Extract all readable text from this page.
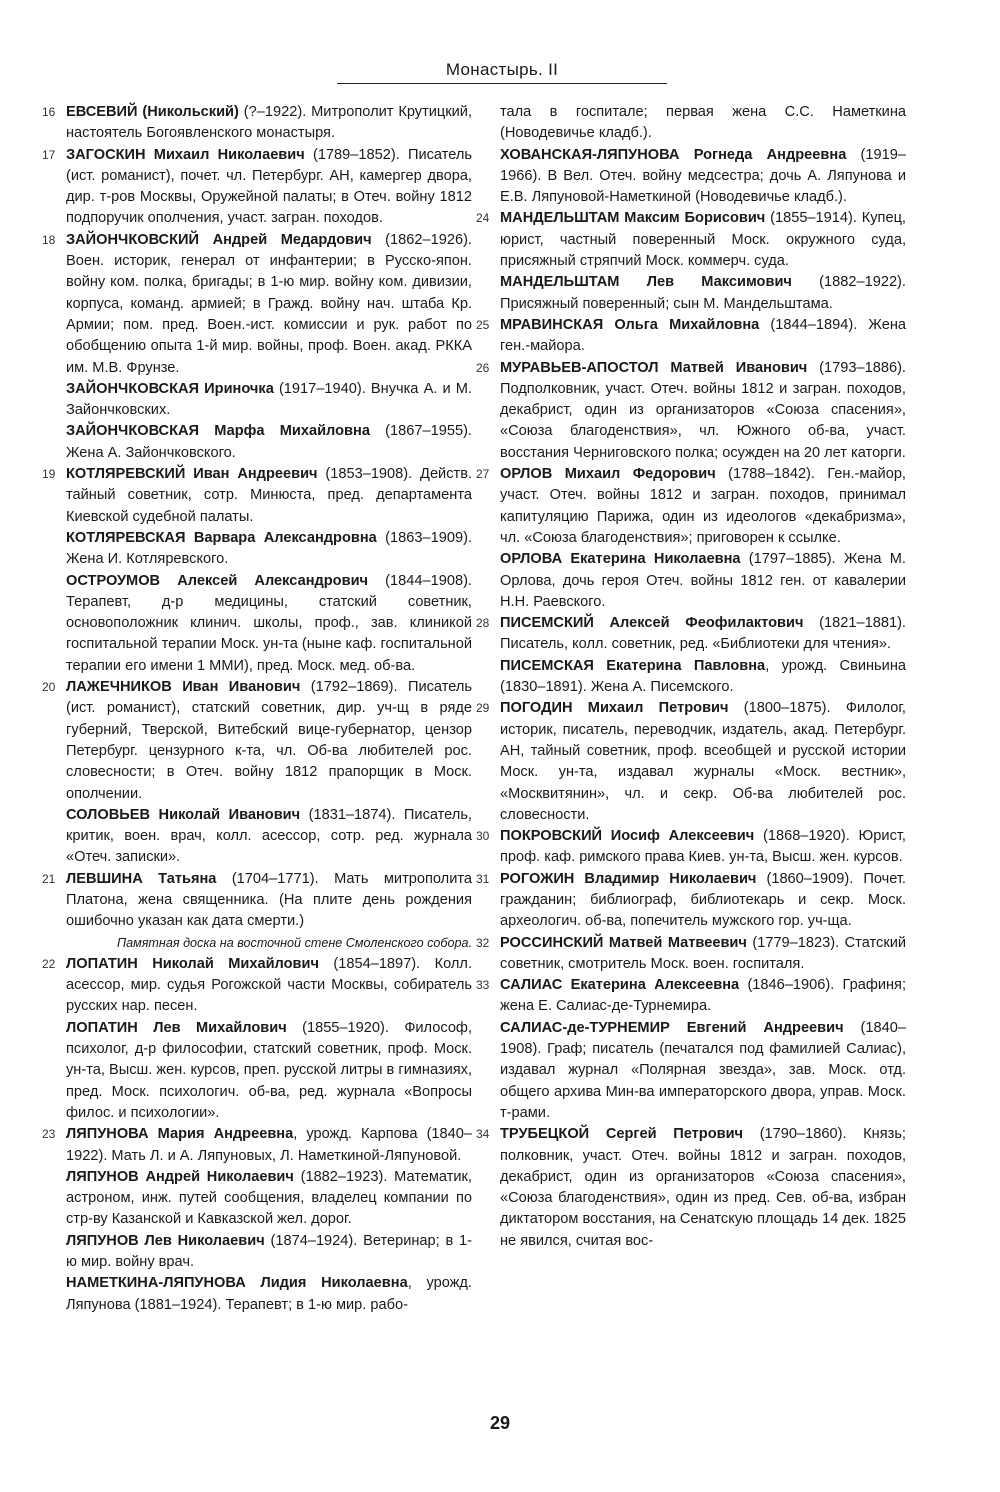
Монастырь. II
16 ЕВСЕВИЙ (Никольский) (?–1922). Митрополит Крутицкий, настоятель Богоявленского монастыря.
17 ЗАГОСКИН Михаил Николаевич (1789–1852). Писатель (ист. романист), почет. чл. Петербург. АН, камергер двора, дир. т-ров Москвы, Оружейной палаты; в Отеч. войну 1812 подпоручик ополчения, участ. загран. походов.
18 ЗАЙОНЧКОВСКИЙ Андрей Медардович (1862–1926). Воен. историк, генерал от инфантерии; в Русско-япон. войну ком. полка, бригады; в 1-ю мир. войну ком. дивизии, корпуса, команд. армией; в Гражд. войну нач. штаба Кр. Армии; пом. пред. Воен.-ист. комиссии и рук. работ по обобщению опыта 1-й мир. войны, проф. Воен. акад. РККА им. М.В. Фрунзе.
ЗАЙОНЧКОВСКАЯ Ириночка (1917–1940). Внучка А. и М. Зайончковских.
ЗАЙОНЧКОВСКАЯ Марфа Михайловна (1867–1955). Жена А. Зайончковского.
19 КОТЛЯРЕВСКИЙ Иван Андреевич (1853–1908). Действ. тайный советник, сотр. Минюста, пред. департамента Киевской судебной палаты.
КОТЛЯРЕВСКАЯ Варвара Александровна (1863–1909). Жена И. Котляревского.
ОСТРОУМОВ Алексей Александрович (1844–1908). Терапевт, д-р медицины, статский советник, основоположник клинич. школы, проф., зав. клиникой госпитальной терапии Моск. ун-та (ныне каф. госпитальной терапии его имени 1 ММИ), пред. Моск. мед. об-ва.
20 ЛАЖЕЧНИКОВ Иван Иванович (1792–1869). Писатель (ист. романист), статский советник, дир. уч-щ в ряде губерний, Тверской, Витебский вице-губернатор, цензор Петербург. цензурного к-та, чл. Об-ва любителей рос. словесности; в Отеч. войну 1812 прапорщик в Моск. ополчении.
СОЛОВЬЕВ Николай Иванович (1831–1874). Писатель, критик, воен. врач, колл. асессор, сотр. ред. журнала «Отеч. записки».
21 ЛЕВШИНА Татьяна (1704–1771). Мать митрополита Платона, жена священника. (На плите день рождения ошибочно указан как дата смерти.)
Памятная доска на восточной стене Смоленского собора.
22 ЛОПАТИН Николай Михайлович (1854–1897). Колл. асессор, мир. судья Рогожской части Москвы, собиратель русских нар. песен.
ЛОПАТИН Лев Михайлович (1855–1920). Философ, психолог, д-р философии, статский советник, проф. Моск. ун-та, Высш. жен. курсов, преп. русской литры в гимназиях, пред. Моск. психологич. об-ва, ред. журнала «Вопросы филос. и психологии».
23 ЛЯПУНОВА Мария Андреевна, урожд. Карпова (1840–1922). Мать Л. и А. Ляпуновых, Л. Наметкиной-Ляпуновой.
ЛЯПУНОВ Андрей Николаевич (1882–1923). Математик, астроном, инж. путей сообщения, владелец компании по стр-ву Казанской и Кавказской жел. дорог.
ЛЯПУНОВ Лев Николаевич (1874–1924). Ветеринар; в 1-ю мир. войну врач.
НАМЕТКИНА-ЛЯПУНОВА Лидия Николаевна, урожд. Ляпунова (1881–1924). Терапевт; в 1-ю мир. рабо-
тала в госпитале; первая жена С.С. Наметкина (Новодевичье кладб.).
ХОВАНСКАЯ-ЛЯПУНОВА Рогнеда Андреевна (1919–1966). В Вел. Отеч. войну медсестра; дочь А. Ляпунова и Е.В. Ляпуновой-Наметкиной (Новодевичье кладб.).
24 МАНДЕЛЬШТАМ Максим Борисович (1855–1914). Купец, юрист, частный поверенный Моск. окружного суда, присяжный стряпчий Моск. коммерч. суда.
МАНДЕЛЬШТАМ Лев Максимович (1882–1922). Присяжный поверенный; сын М. Мандельштама.
25 МРАВИНСКАЯ Ольга Михайловна (1844–1894). Жена ген.-майора.
26 МУРАВЬЕВ-АПОСТОЛ Матвей Иванович (1793–1886). Подполковник, участ. Отеч. войны 1812 и загран. походов, декабрист, один из организаторов «Союза спасения», «Союза благоденствия», чл. Южного об-ва, участ. восстания Черниговского полка; осужден на 20 лет каторги.
27 ОРЛОВ Михаил Федорович (1788–1842). Ген.-майор, участ. Отеч. войны 1812 и загран. походов, принимал капитуляцию Парижа, один из идеологов «декабризма», чл. «Союза благоденствия»; приговорен к ссылке.
ОРЛОВА Екатерина Николаевна (1797–1885). Жена М. Орлова, дочь героя Отеч. войны 1812 ген. от кавалерии Н.Н. Раевского.
28 ПИСЕМСКИЙ Алексей Феофилактович (1821–1881). Писатель, колл. советник, ред. «Библиотеки для чтения».
ПИСЕМСКАЯ Екатерина Павловна, урожд. Свиньина (1830–1891). Жена А. Писемского.
29 ПОГОДИН Михаил Петрович (1800–1875). Филолог, историк, писатель, переводчик, издатель, акад. Петербург. АН, тайный советник, проф. всеобщей и русской истории Моск. ун-та, издавал журналы «Моск. вестник», «Москвитянин», чл. и секр. Об-ва любителей рос. словесности.
30 ПОКРОВСКИЙ Иосиф Алексеевич (1868–1920). Юрист, проф. каф. римского права Киев. ун-та, Высш. жен. курсов.
31 РОГОЖИН Владимир Николаевич (1860–1909). Почет. гражданин; библиограф, библиотекарь и секр. Моск. археологич. об-ва, попечитель мужского гор. уч-ща.
32 РОССИНСКИЙ Матвей Матвеевич (1779–1823). Статский советник, смотритель Моск. воен. госпиталя.
33 САЛИАС Екатерина Алексеевна (1846–1906). Графиня; жена Е. Салиас-де-Турнемира.
САЛИАС-де-ТУРНЕМИР Евгений Андреевич (1840–1908). Граф; писатель (печатался под фамилией Салиас), издавал журнал «Полярная звезда», зав. Моск. отд. общего архива Мин-ва императорского двора, управ. Моск. т-рами.
34 ТРУБЕЦКОЙ Сергей Петрович (1790–1860). Князь; полковник, участ. Отеч. войны 1812 и загран. походов, декабрист, один из организаторов «Союза спасения», «Союза благоденствия», один из пред. Сев. об-ва, избран диктатором восстания, на Сенатскую площадь 14 дек. 1825 не явился, считая вос-
29
